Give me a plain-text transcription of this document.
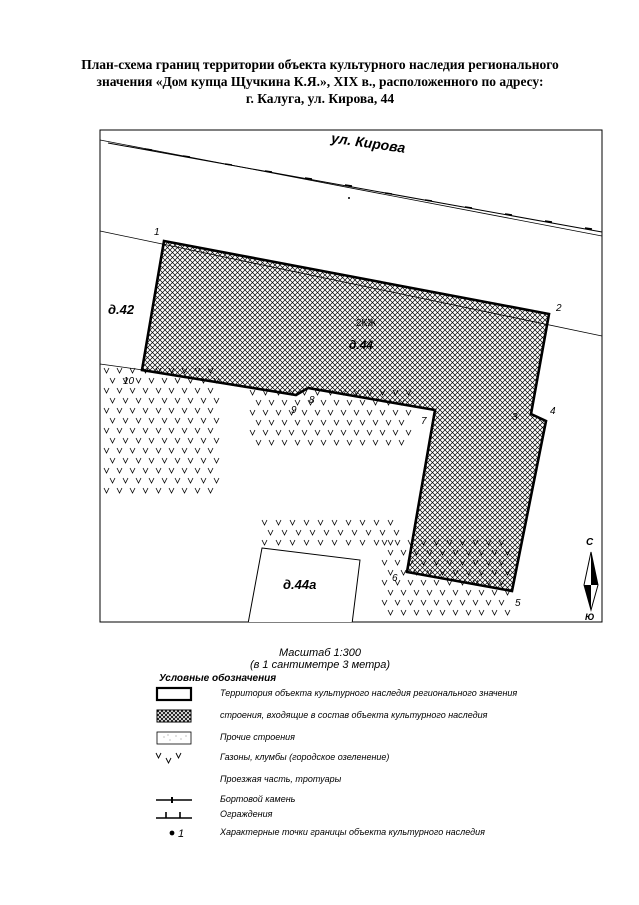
План-схема границ территории объекта культурного наследия регионального
значения «Дом купца Щучкина К.Я.», XIX в., расположенного по адресу:
г. Калуга, ул. Кирова, 44
ул. Кирова
2КЖ
д.44
д.42
д.44а
1
2
3
4
5
6
7
8
9
10
С
Ю
Масштаб 1:300
(в 1 сантиметре 3 метра)
Условные обозначения
Территория объекта культурного наследия регионального значения
строения, входящие в состав объекта культурного наследия
Прочие строения
Газоны, клумбы (городское озеленение)
Проезжая часть, тротуары
Бортовой камень
Ограждения
1	Характерные точки границы объекта культурного наследия
